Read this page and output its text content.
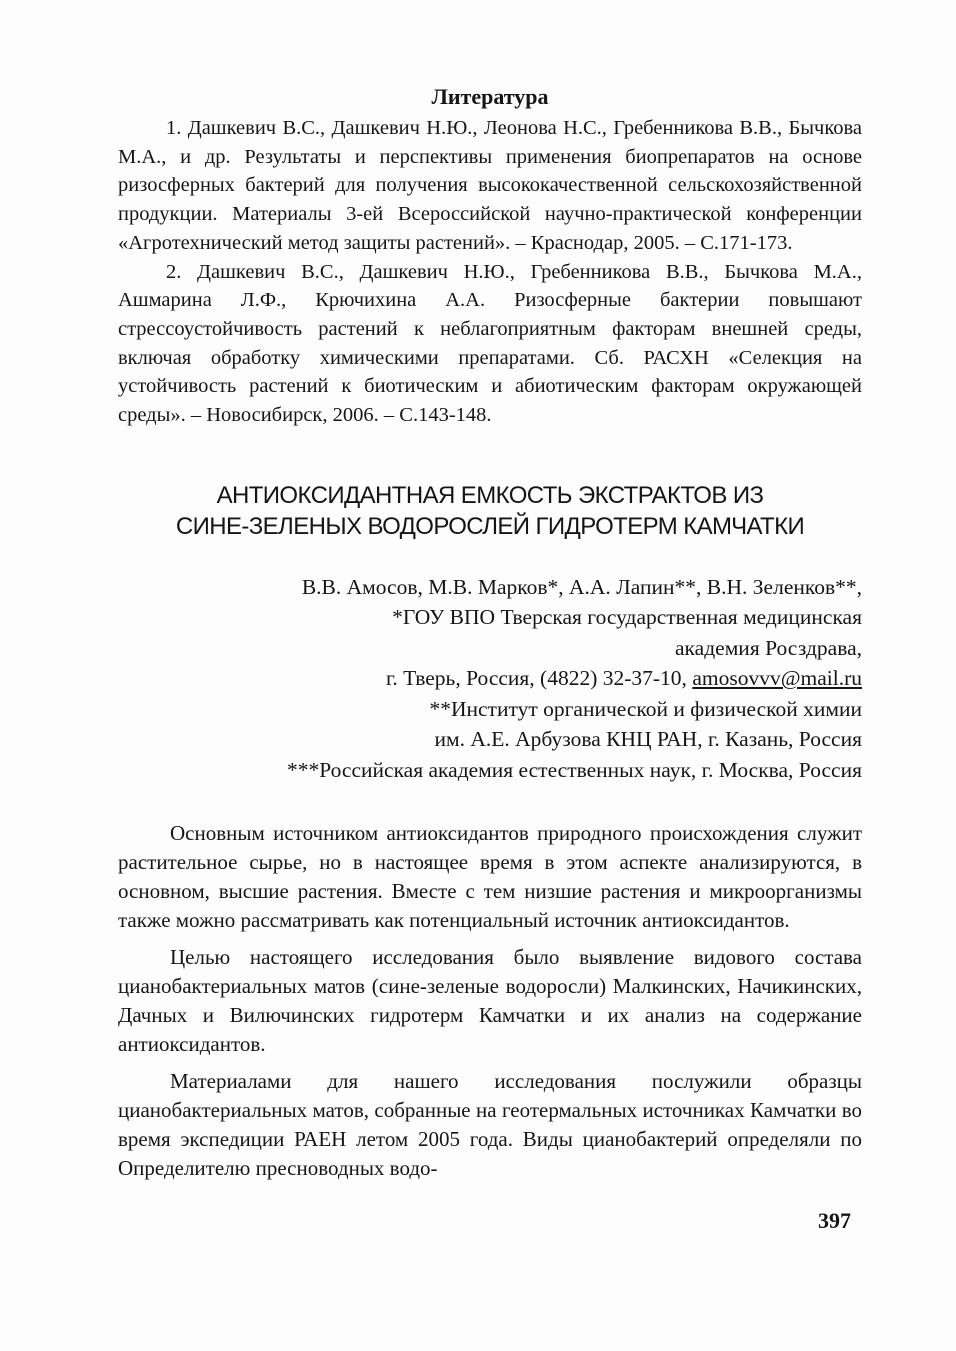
Литература

1. Дашкевич В.С., Дашкевич Н.Ю., Леонова Н.С., Гребенникова В.В., Бычкова М.А., и др. Результаты и перспективы применения биопрепаратов на основе ризосферных бактерий для получения высококачественной сельскохозяйственной продукции. Материалы 3-ей Всероссийской научно-практической конференции «Агротехнический метод защиты растений». – Краснодар, 2005. – С.171-173.

2. Дашкевич В.С., Дашкевич Н.Ю., Гребенникова В.В., Бычкова М.А., Ашмарина Л.Ф., Крючихина А.А. Ризосферные бактерии повышают стрессоустойчивость растений к неблагоприятным факторам внешней среды, включая обработку химическими препаратами. Сб. РАСХН «Селекция на устойчивость растений к биотическим и абиотическим факторам окружающей среды». – Новосибирск, 2006. – С.143-148.

АНТИОКСИДАНТНАЯ ЕМКОСТЬ ЭКСТРАКТОВ ИЗ
СИНЕ-ЗЕЛЕНЫХ ВОДОРОСЛЕЙ ГИДРОТЕРМ КАМЧАТКИ
В.В. Амосов, М.В. Марков*, А.А. Лапин**, В.Н. Зеленков**,
*ГОУ ВПО Тверская государственная медицинская
академия Росздрава,
г. Тверь, Россия, (4822) 32-37-10, amosovvv@mail.ru
**Институт органической и физической химии
им. А.Е. Арбузова КНЦ РАН, г. Казань, Россия
***Российская академия естественных наук, г. Москва, Россия

Основным источником антиоксидантов природного происхождения служит растительное сырье, но в настоящее время в этом аспекте анализируются, в основном, высшие растения. Вместе с тем низшие растения и микроорганизмы также можно рассматривать как потенциальный источник антиоксидантов.

Целью настоящего исследования было выявление видового состава цианобактериальных матов (сине-зеленые водоросли) Малкинских, Начикинских, Дачных и Вилючинских гидротерм Камчатки и их анализ на содержание антиоксидантов.

Материалами для нашего исследования послужили образцы цианобактериальных матов, собранные на геотермальных источниках Камчатки во время экспедиции РАЕН летом 2005 года. Виды цианобактерий определяли по Определителю пресноводных водо-

397
